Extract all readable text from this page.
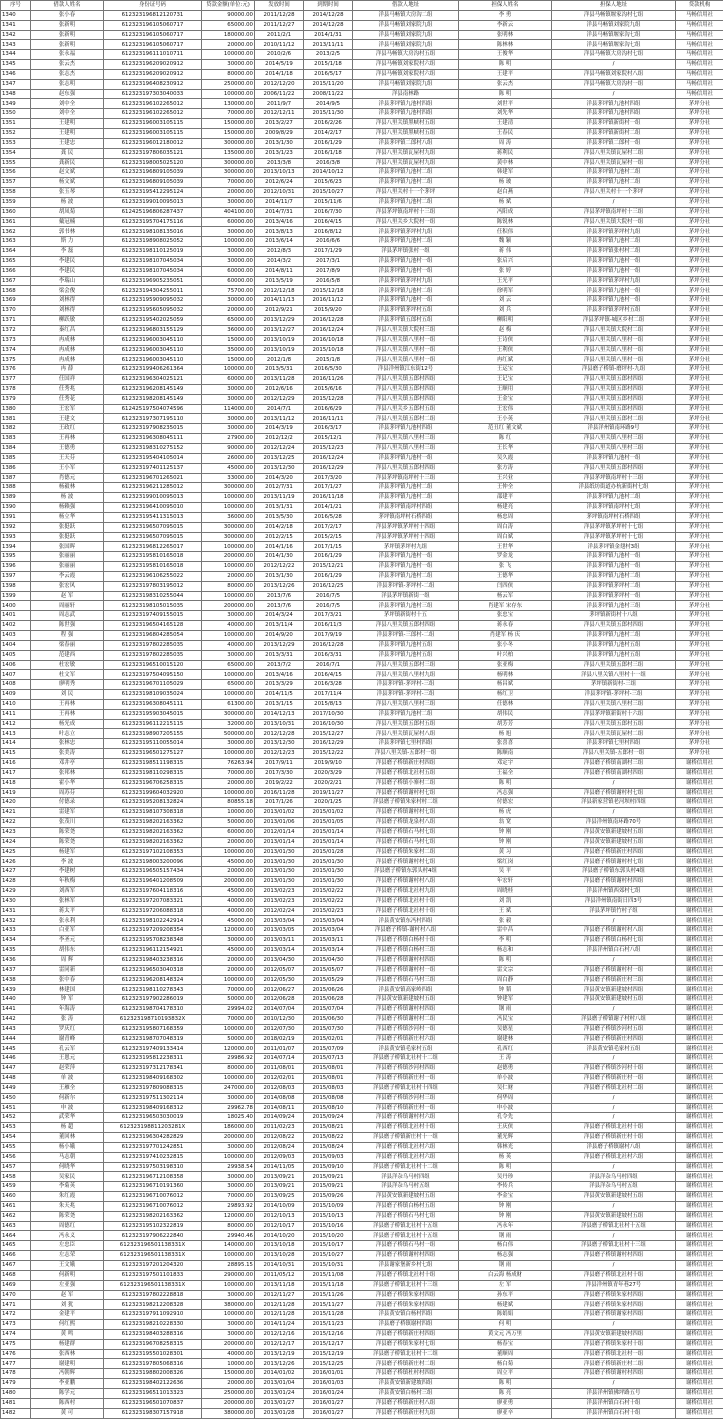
序号	借款人姓名	身份证号码	贷款金额(单位:元)	发放时间	到期时间	借款人地址	担保人姓名	担保人地址	贷款机构
1340	张小春	612323196812120731	90000.00	2011/12/28	2014/12/28	洋县马畅镇大房沟二组	李 勇	洋县马畅镇堰家沟村七组	马畅信用社
1341	张新明	612323196105060717	65000.00	2011/12/27	2014/12/28	洋县马畅镇刘家院九组	李新云	洋县马畅镇刘家院九组	马畅信用社
1342	张新明	612323196105060717	180000.00	2011/2/1	2014/1/31	洋县马畅镇刘家院九组	张明林	洋县马畅镇堰家沟七组	马畅信用社
1343	张新明	612323196105060717	20000.00	2010/11/12	2013/11/11	洋县马畅镇刘家院九组	陈林林	洋县马畅镇堰家沟七组	马畅信用社
1344	张永福	612323196111010711	100000.00	2010/2/6	2013/2/5	洋县马畅镇大房沟村五组	王俊华	洋县马畅镇大房沟村七组	马畅信用社
1345	张云杰	612323196209020912	30000.00	2014/5/19	2015/1/18	洋县马畅镇刘家院村六组	陈 明	/	马畅信用社
1346	张志杰	612323196209020912	80000.00	2014/1/18	2016/5/17	洋县马畅镇刘家院村六组	王建平	洋县马畅镇刘家院村八组	马畅信用社
1347	张志明	612323196408230912	250000.00	2012/12/20	2015/11/20	洋县马畅镇刘家院九组	张云杰	洋县马畅镇大房沟村一组	马畅信用社
1348	赵东强	612323197303040033	100000.00	2006/11/22	2008/11/22	洋县南林路	陈 明	/	马畅信用社
1349	刘中全	612323196102265012	130000.00	2011/9/7	2014/9/5	洋县茅坪镇九池村四组	刘世平	洋县茅坪镇九池村四组	茅坪分社
1350	刘中全	612323196102265012	70000.00	2012/12/11	2015/11/30	洋县茅坪镇九池村四组	刘先华	洋县茅坪镇九池村四组	茅坪分社
1351	王建明	612323196003105115	150000.00	2013/2/27	2016/2/26	洋县八里关镇黑峡村五组	王建清	洋县茅坪镇新街村一组	茅坪分社
1352	王建明	612323196003105115	150000.00	2009/8/29	2014/2/17	洋县八里关镇黑峡村五组	王春民	洋县茅坪镇新街村二组	茅坪分社
1353	王建忠	612323196012180012	300000.00	2013/1/30	2016/1/29	洋县茅坪镇二郎村八组	周 涛	洋县茅坪镇二郎村一组	茅坪分社
1354	龚 民	612323197806035121	135000.00	2013/1/23	2016/1/18	洋县八里关镇瓦屋村九组	蒋利民	洋县八里关镇瓦屋村二组	茅坪分社
1355	龚新民	612323198005025120	300000.00	2013/3/8	2016/3/8	洋县八里关镇瓦屋村九组	黄中林	洋县八里关镇瓦屋村一组	茅坪分社
1356	赵文斌	612323196809105039	300000.00	2013/10/13	2014/10/12	洋县茅坪镇九池村二组	韩建军	洋县茅坪镇九池村二组	茅坪分社
1357	杨文斌	612323196809105039	70000.00	2012/6/24	2015/6/23	洋县茅坪镇九池村二组	杨 玻	洋县茅坪镇九池村二组	茅坪分社
1358	张玉琴	612323195412295124	20000.00	2012/10/31	2015/10/27	洋县八里关村十一个茅坪	赵白燕	洋县八里关村十一个茅坪	茅坪分社
1359	杨 波	612323199010095013	30000.00	2014/11/7	2015/11/6	洋县茅坪镇九池村二组	杨 斌	/	茅坪分社
1360	胡凤菊	612425196806287437	404100.00	2014/7/31	2016/7/30	洋县茅坪镇南坪村十三组	冯阳成	洋县茅坪镇南坪村十三组	茅坪分社
1361	戴冠楠	612323195704175116	60000.00	2013/4/16	2016/4/15	洋县八里关乡大院村一组	陈锐林	洋县八里关镇大院村一组	茅坪分社
1362	郭书林	612323198108135016	30000.00	2013/8/13	2016/8/12	洋县茅坪镇茅坪村九组	任积伟	洋县茅坪镇茅坪村九组	茅坪分社
1363	斯 力	612323198908025052	100000.00	2013/6/14	2016/6/6	洋县茅坪镇九池村二组	魏 颖	洋县茅坪镇九池村二组	茅坪分社
1364	李 磊	612323198110125019	30000.00	2012/8/3	2017/1/29	洋县茅坪镇张村一组	蒋 伟	洋县茅坪镇张村村二组	茅坪分社
1365	李建民	612323198107045034	30000.00	2014/3/2	2017/3/1	洋县茅坪镇九池村一组	张启兴	洋县茅坪镇九池村一组	茅坪分社
1366	李建民	612323198107045034	60000.00	2014/8/11	2017/8/9	洋县茅坪镇九池村一组	张 婷	洋县茅坪镇九池村一组	茅坪分社
1367	李瑞山	612323196905235051	60000.00	2013/5/19	2016/5/8	洋县茅坪镇茅坪村九组	王光平	洋县茅坪镇茅坪村九组	茅坪分社
1368	梁会俊	612323194304255011	75700.00	2012/12/18	2015/12/18	洋县茅坪镇九池村二组	徐明军	洋县茅坪镇九池村一组	茅坪分社
1369	刘林得	612323195909095032	30000.00	2014/11/13	2016/11/12	洋县茅坪镇九池村一组	刘 云	洋县茅坪镇九池村一组	茅坪分社
1370	刘林得	612323195605095032	20000.00	2012/9/21	2015/9/20	洋县茅坪镇茅坪村五组	刘 兵	洋县茅坪镇茅坪村五组	茅坪分社
1371	柳跃敏	612323195402025059	65000.00	2013/12/29	2016/12/28	洋县茅坪镇五郎村五组	柳阳明	洋县茅坪镇-城区乡村二组	茅坪分社
1372	秦红昌	612323196803155129	36000.00	2013/12/27	2016/12/24	洋县八里关镇大院村三组	赵 梅	洋县八里关镇大院村二组	茅坪分社
1373	冉成林	612323196003045110	15000.00	2013/10/19	2016/10/18	洋县八里关镇八里村一组	王诗侠	洋县八里关镇八里村一组	茅坪分社
1374	冉成林	612323196003045110	35000.00	2013/10/19	2015/10/18	洋县八里关镇八里村一组	王利侠	洋县八里关镇八里村一组	茅坪分社
1375	冉成林	612323196003045110	15000.00	2012/1/8	2015/1/8	洋县八里关镇八里村一组	冉红斌	洋县八里关镇八里村一组	茅坪分社
1376	冉 薛	612323199406261364	100000.00	2013/5/31	2016/5/30	洋县洋州镇江东街12号	王运宝	洋县磨子桥镇-磨坪村-九组	茅坪分社
1377	任国祥	612323196304025121	60000.00	2013/11/28	2016/11/26	洋县八里关镇五郎村四组	王记宝	洋县八里关镇五郎村四组	茅坪分社
1378	任秀兆	612323196208145149	30000.00	2012/6/16	2015/6/16	洋县八里关镇五郎村四组	王顺用	洋县八里关镇五郎村四组	茅坪分社
1379	任秀花	612323198208145149	30000.00	2012/12/29	2015/12/28	洋县八里关镇五郎村四组	王金宝	洋县八里关镇五郎村四组	茅坪分社
1380	王宏军	612425197504074596	114000.00	2014/7/1	2016/6/29	洋县八里关乡五郎村五组	王宏伟	洋县八里关镇五郎村四组	茅坪分社
1381	王建文	612323197307195110	30000.00	2013/11/12	2016/11/11	洋县八里关镇五郎村二组	王小英	洋县八里关镇五郎村二组	茅坪分社
1382	王政红	612323197908235015	30000.00	2014/3/19	2016/3/17	洋县茅坪镇九池村四组	范丑红 董文斌	洋县洋州镇南环路9号	茅坪分社
1383	王再林	612323196308045111	27900.00	2012/12/2	2015/12/1	洋县八里关镇八里村三组	陈 红	洋县八里关镇八里村三组	茅坪分社
1384	王德勇	612323198310275152	90000.00	2012/12/24	2015/12/23	洋县八里关镇八里村三组	王长华	洋县八里关镇八里村三组	茅坪分社
1385	王天芬	612323195404105014	26000.00	2013/12/25	2016/12/24	洋县茅坪镇九池村一组	吴久霞	洋县茅坪镇九池村一组	茅坪分社
1386	王小军	612323197401125137	45000.00	2013/12/30	2016/12/29	洋县八里关镇五郎村四组	张方涛	洋县八里关镇五郎村四组	茅坪分社
1387	肖德元	612323196701265021	33000.00	2014/3/20	2017/3/20	洋县茅坪镇南坪村十三组	王兴业	洋县茅坪镇南坪村十三组	茅坪分社
1388	杨毅林	612323196211285012	300000.00	2012/7/31	2017/1/27	洋县茅坪镇九池村二组	王仲全	洋县纸坊街道办杭新街村七组	茅坪分社
1389	杨 波	612323199010095013	100000.00	2013/11/19	2016/11/18	洋县茅坪镇九池村二组	邵建平	洋县茅坪镇九池村二组	茅坪分社
1390	杨赖强	612323196410095010	100000.00	2013/1/31	2014/1/21	洋县茅坪镇南坪村四组	杨建亮	洋县茅坪镇南坪村七组	茅坪分社
1391	杨立华	612323195411315013	36000.00	2013/5/30	2016/5/28	茅坪镇南坪村石桥四组	杨忠周	茅坪镇南坪村石桥四组	茅坪分社
1392	张挺跃	612323196507095015	300000.00	2014/2/18	2017/2/17	洋县茅坪镇茅坪村十四组	周白涛	洋县茅坪镇茅坪村十七组	茅坪分社
1393	张挺跃	612323196507095015	300000.00	2012/2/15	2015/2/15	洋县茅坪镇茅坪村十四组	周白斌	洋县茅坪镇茅坪村十七组	茅坪分社
1394	张国晖	612323196812265017	100000.00	2014/1/16	2017/1/15	茅坪镇茅坪村九组	王世华	洋县茅坪镇金翅村3组	茅坪分社
1395	张丽丽	612323195810165018	200000.00	2014/1/30	2016/1/29	洋县茅坪镇九池村一组	罗金龙	洋县茅坪镇九池村一组	茅坪分社
1396	张丽丽	612323195810165018	100000.00	2012/12/22	2015/12/21	洋县茅坪镇九池村一组	张 飞	洋县茅坪镇九池村一组	茅坪分社
1397	李云霞	612323196106255022	20000.00	2013/1/30	2016/1/29	洋县茅坪镇九池村二组	王德华	洋县茅坪镇九池村二组	茅坪分社
1398	张宏风	612323197803195012	80000.00	2013/12/26	2016/12/25	洋县茅坪镇-茅坪村-二组	闫四侠	洋县茅坪镇茅坪村二组	茅坪分社
1399	赵 军	612323198310255044	100000.00	2013/7/6	2016/7/5	洋县茅坪镇新街一组	杨云军	洋县茅坪镇茅坪村一组	茅坪分社
1400	周丽轩	612323198105015035	200000.00	2013/7/6	2016/7/5	洋县茅坪镇九池村三组	肖建军 宋存东	洋县茅坪镇九池村三组	茅坪分社
1401	周志武	612323197409155015	30000.00	2014/3/24	2017/3/21	茅坪镇新街村十五	张忠宝	茅坪镇新街村十八组	茅坪分社
1402	陈世强	612323196504165128	40000.00	2013/11/4	2016/11/3	洋县八里关镇五郎村四组	蒋永春	洋县八里关镇五郎村四组	茅坪分社
1403	程 强	612323196804285054	100000.00	2014/9/20	2017/9/19	洋县茅坪镇-三郎村-二组	肖建军 杨 庆	洋县茅坪镇九池村二组	茅坪分社
1404	梁春丽	612323197802285035	40000.00	2013/12/29	2016/12/28	洋县茅坪镇九池村五组	张小冬	洋县茅坪镇九池村五组	茅坪分社
1405	范建西	612323197802285035	30000.00	2013/3/31	2016/3/31	洋县茅坪镇九池村五组	叶兴柏	洋县茅坪镇九池村五组	茅坪分社
1406	杜宏敏	612323196510015120	65000.00	2013/7/2	2016/7/1	洋县八里关镇五郎村三组	张亚梅	洋县八里关镇五郎村三组	茅坪分社
1407	杜文军	612323197504095150	100000.00	2013/4/16	2016/4/15	洋县八里关镇八里村九组	杨明林	洋县八里关镇八里村十一组	茅坪分社
1408	廖明秀	612323196701105029	65000.00	2013/3/29	2016/3/28	洋县茅坪镇-茅坪村-三组	杨昌斌	茅坪镇新街村-三组	茅坪分社
1409	刘 民	612323198109035024	100000.00	2014/11/5	2017/11/4	洋县茅坪镇-茅坪村-三组	杨红卫	洋县茅坪镇-茅坪村-三组	茅坪分社
1410	王再林	612323196308045111	61300.00	2013/1/15	2015/8/13	洋县八里关镇八里村三组	任德林	洋县八里关镇八里村三组	茅坪分社
1411	王再林	612323195903045015	300000.00	2014/12/13	2017/10/30	洋县茅坪镇九池村二组	胡伟民	洋县茅坪镇新街村十六组	茅坪分社
1412	杨光成	612323196112215115	32000.00	2013/10/31	2016/10/30	洋县八里关镇五郎村五组	胡芳芳	洋县八里关镇五郎村五组	茅坪分社
1413	叶志立	612323198907205155	500000.00	2012/12/28	2015/12/27	洋县八里关镇瓦屋村八组	杨 旭	洋县八里关镇瓦屋村二组	茅坪分社
1414	张林忠	612323195110055014	30000.00	2013/12/30	2016/12/29	洋县茅坪镇七里村四组	张喜喜	洋县茅坪镇七里村四组	茅坪分社
1415	张美涛	612323196501275127	100000.00	2012/12/23	2015/12/22	洋县八里关镇-五郎村一组	陈顺南	洋县八里关镇-五郎村一组	茅坪分社
1416	邓井亭	612323198511198315	76263.94	2017/9/11	2019/9/10	洋县磨子桥镇新庄村四组	邓定宇	洋县磨子桥镇南湖村三组	谢桥信用社
1417	张邦林	612323198110298315	70000.00	2017/3/30	2020/3/29	洋县磨子桥镇北社村五组	王福全	洋县磨子桥镇南湖村四组	谢桥信用社
1418	霍小华	612323196706258315	20000.00	2019/2/22	2020/2/21	洋县磨子桥镇小寨村二组	陈 明	/	谢桥信用社
1419	周苏芬	612323199604032920	100000.00	2016/11/28	2019/11/27	洋县磨子桥镇谢村村七组	冯志强	洋县磨子桥镇谢村村七组	谢桥信用社
1420	付德录	612323195208132824	80855.18	2017/1/26	2020/1/25	洋县磨子桥镇朱家村村二组	付德宏	洋县新家营镇老河坝村四组	谢桥信用社
1421	雷建军	612323198107308318	10000.00	2013/01/02	2015/01/02	洋县磨子桥镇谢村村七组	杨 虎	/	谢桥信用社
1422	张茂川	612323198202163362	50000.00	2013/01/06	2015/01/05	洋县磨子桥镇龙泉村八组	翁 宽	洋县洋州镇南环路70号	谢桥信用社
1423	陈荣尧	612323198202163362	60000.00	2012/01/14	2015/01/14	洋县磨子桥镇石马村七组	钟 刚	洋县黄安镇新建坡村五组	谢桥信用社
1424	陈荣尧	612323198202163362	20000.00	2013/01/14	2015/01/14	洋县磨子桥镇石马村七组	钟 刚	洋县黄安镇新建坡村五组	谢桥信用社
1425	杨建军	612323197102108353	100000.00	2013/01/30	2015/01/28	洋县磨子桥镇朱家村二组	黄 习	洋县磨子桥镇新庄村四组	谢桥信用社
1426	李 波	612323198003200096	45000.00	2013/01/30	2015/01/30	洋县磨子桥镇谢村村七组	梁红岗	洋县磨子桥镇谢村村七组	谢桥信用社
1427	李建树	612323196505157434	20000.00	2013/01/30	2015/01/30	洋县磨子桥镇东郭头村4组	吴 平	洋县磨子桥镇东郭头村4组	谢桥信用社
1428	年秋梅	612323196401208509	200000.00	2013/01/30	2015/01/30	洋县磨子桥镇谢村村八组	年宏轩	洋县磨子桥镇谢村村四组	谢桥信用社
1429	刘西军	612323197604118316	45000.00	2013/02/23	2015/02/22	洋县磨子桥镇北社村九组	周晓桂	洋县洋州镇西郊村七组	谢桥信用社
1430	张林军	612323197207083321	40000.00	2013/02/23	2015/02/22	洋县磨子桥镇北社村十组	刘 凯	洋县洋州镇南街日四3号	谢桥信用社
1431	蒋太平	612323197206088318	40000.00	2012/02/24	2015/02/23	洋县磨子桥镇北社村十组	王 斌	洋县茅坪镇竹村子组	谢桥信用社
1432	张永利	612323198102242914	45000.00	2013/03/04	2015/03/04	洋县黄安镇东冯村四组	张 毅	/	谢桥信用社
1433	白亚军	612323197209208354	120000.00	2013/03/05	2015/03/04	洋县磨子桥镇-谢村村八组	雷中昌	洋县磨子桥镇谢村村八组	谢桥信用社
1434	李圣元	612323195708238348	30000.00	2013/03/11	2015/03/11	洋县磨子桥镇白杨村十组	李 明	洋县磨子桥镇白杨村七组	谢桥信用社
1435	胡伟东	612323196112154921	45000.00	2013/03/14	2015/03/14	洋县磨子桥镇白杨村三组	杨志和	洋县洋州镇白石村八组	谢桥信用社
1436	周 辉	612323198403238316	20000.00	2013/04/30	2015/04/30	洋县磨子桥镇谢村村四组	陈 明	/	谢桥信用社
1437	雷同新	612323196503040318	20000.00	2012/05/07	2015/05/07	洋县磨子桥镇谢村村一组	雷文宗	洋县磨子桥镇谢村村一组	谢桥信用社
1438	张中春	612323196208148324	100000.00	2012/05/30	2015/05/29	洋县磨子桥镇石马村三组	周白静	洋县磨子桥镇新庄村三组	谢桥信用社
1439	林建国	612323198110278343	70000.00	2012/06/27	2015/06/26	洋县黄安镇高家岭四组	钟 韬	洋县黄安镇新建坡村四组	谢桥信用社
1440	钟 军	612323197902286019	50000.00	2012/06/28	2015/06/28	洋县黄安镇新建坡村五组	钟建军	洋县黄安镇新建坡村五组	谢桥信用社
1441	年海涛	612323198704178310	29994.02	2014/07/04	2015/07/04	洋县磨子桥镇谢村村四组	钢 雨	/	谢桥信用社
1442	张 涛	612323198710193832X	70000.00	2010/12/30	2015/06/30	洋县磨子桥镇谢村村二组	冯民宝	洋县磨子桥镇谢子村村八组	谢桥信用社
1443	罗庆红	612323195807168359	100000.00	2012/07/30	2015/07/30	洋县磨子桥镇沙河村一组	吴德星	洋县磨子桥镇沙河村五组	谢桥信用社
1444	谢青峰	612323198707048319	50000.00	2018/02/19	2015/02/01	洋县磨子桥镇新庄村六组	谢建林	洋县磨子桥镇新庄村四组	谢桥信用社
1445	孔云军	612323197409133414	120000.00	2011/01/07	2015/07/09	洋县黄安镇毛家村五组	孔西红	洋县黄安镇毛家村五组	谢桥信用社
1446	王恩元	612323195812238311	29986.92	2014/07/14	2015/07/13	洋县磨子桥镇北社村十二组	王 涛	/	谢桥信用社
1447	赵荣萍	612323197312178341	80000.00	2011/08/01	2015/08/01	洋县磨子桥镇沙河村四组	赵德勇	洋县磨子桥镇沙河村十组	谢桥信用社
1448	单 波	612323198409168302	100000.00	2012/02/01	2015/08/01	洋县磨子桥镇新庄村一组	单小波	洋县磨子桥镇新庄村一组	谢桥信用社
1449	王雁全	612323197809088315	247000.00	2012/08/03	2015/08/03	洋县磨子桥镇北社村十四组	吴仁财	洋县磨子桥镇北社村二组	谢桥信用社
1450	何新尔	612323197511302114	30000.00	2014/08/08	2015/08/08	洋县磨子桥镇沙河村三组	何华周	/	谢桥信用社
1451	申 波	612323198409168312	29962.78	2014/08/11	2015/08/10	洋县磨子桥镇新庄村一组	申小波	/	谢桥信用社
1452	武荣华	612323196503030019	18025.40	2014/09/24	2015/09/24	洋县磨子桥镇谢村村六组	孔令先	/	谢桥信用社
1453	杨 超	612323198811203281X	186000.00	2011/02/23	2015/08/21	洋县磨子桥镇北社村十组	王庆侠	洋县磨子桥镇北社村十组	谢桥信用社
1454	董回林	612323196304282829	200000.00	2012/08/22	2015/08/22	洋县磨子桥镇新庄村十一组	董光辉	洋县磨子桥镇新庄村十组	谢桥信用社
1455	杨小娥	612323197701242851	30000.00	2012/08/24	2015/08/24	洋县磨子桥镇北社村六组	韩林光	洋县磨子桥镇谢村八组	谢桥信用社
1456	马志朝	612323197410232815	100000.00	2012/09/03	2015/09/03	洋县磨子桥镇北社村六组	杨 英	洋县磨子桥镇北社村六组	谢桥信用社
1457	何晓华	612323197503198310	29938.54	2014/11/05	2015/09/10	洋县磨子桥镇北社村十二组	陈 明	/	谢桥信用社
1458	吴家民	612323196712108358	30000.00	2013/09/21	2015/09/21	洋县洋杂乌马村四组	吴丹珍	洋县洋杂乌马村四组	谢桥信用社
1459	李菊英	612323196710191360	30000.00	2013/09/21	2015/09/21	洋县洋杂乌马村五组	李传兵	洋县洋杂乌马村五组	谢桥信用社
1460	朱红霞	612323196710076012	70000.00	2013/09/25	2015/09/26	洋县黄安镇新建坡村五组	李金宝	洋县黄安镇新建坡村五组	谢桥信用社
1461	朱天兆	612323196710076012	29893.92	2014/10/09	2015/10/09	洋县磨子桥镇白杨村五组	钟 刚	/	谢桥信用社
1462	陈荣尧	612323198202163362	120000.00	2012/10/13	2015/10/13	洋县磨子桥镇石马村七组	钟 刚	洋县黄安镇新建坡村五组	谢桥信用社
1463	周德红	612323195102322819	80000.00	2012/10/17	2015/10/16	洋县磨子桥镇北社村十五组	冯永年	洋县磨子桥镇北社村十五组	谢桥信用社
1464	冯永义	612323197906222840	29940.46	2014/10/20	2015/10/20	洋县磨子桥镇北社村十五组	钢 雨	/	谢桥信用社
1465	左忠臣	612323196501138331X	140000.00	2013/10/18	2015/10/17	洋县磨子桥镇石马村一组	杨白伟	洋县磨子桥镇北社村十三组	谢桥信用社
1466	左志荣	612323196501138331X	100000.00	2013/10/28	2015/10/27	洋县磨子桥镇谢村村四组	杨志强	洋县磨子桥镇谢村村四组	谢桥信用社
1467	王文娥	612323197201204320	28895.15	2014/10/31	2015/10/31	洋县谢家堡新乡村七组	钢 雨	/	谢桥信用社
1468	何新明	612323197501101833	290000.00	2011/05/12	2015/11/08	洋县磨子桥镇北社村十组	白云海 杨成财	洋县磨子桥镇北社村十组	谢桥信用社
1469	左亚强	612323196501138331X	100000.00	2013/11/18	2015/11/18	洋县磨子桥镇北社村十三组	左 军	洋县洋州镇青年巷27号	谢桥信用社
1470	赵 军	612323197802228818	30000.00	2012/11/27	2015/11/26	洋县磨子桥镇朱家村四组	孙东平	洋县磨子桥镇朱家村四组	谢桥信用社
1471	刘 犹	612323198212208328	380000.00	2012/11/28	2015/11/27	洋县磨子桥镇朱家村四组	杨建斌	洋县磨子桥镇朱家村四组	谢桥信用社
1472	金建平	612323197911092910	100000.00	2012/11/28	2015/11/28	洋县黄安镇白杨村四组	陈娟娟	洋县磨子桥镇谢家村四组	谢桥信用社
1473	何红熙	612323198210228330	30000.00	2014/11/24	2015/11/23	洋县磨子桥镇谢村四组	何 明	/	谢桥信用社
1474	黄 鸣	612323198403288316	30000.00	2012/12/16	2015/12/16	洋县磨子桥镇新庄村四组	黄文元 冯万里	洋县黄安镇新建坡村四组	谢桥信用社
1475	杨建群	612323196708258315	200000.00	2012/12/17	2015/12/17	洋县磨子桥镇朱家村七组	杨春宝	洋县磨子桥镇朱家村十组	谢桥信用社
1476	张西林	612323195501028301	40000.00	2013/12/19	2015/12/19	洋县磨子桥镇北社村十二组	董顺周	洋县磨子桥镇北社村一组	谢桥信用社
1477	谢建明	612323197805068316	10000.00	2013/12/26	2015/12/25	洋县磨子桥镇新庄村二组	杨白菊	洋县磨子桥镇新庄村二组	谢桥信用社
1478	冯朝辉	612323198802008326	150000.00	2014/01/02	2016/01/01	洋县磨子桥镇杜村村四组	周立平	洋县磨子桥镇谢村村四组	谢桥信用社
1479	李亚鹏	612323198402122636	20000.00	2013/01/04	2016/01/03	洋县黄安镇新建坡四组	陈 明	/	谢桥信用社
1480	陈学元	612323196511013323	250000.00	2013/01/24	2016/01/24	洋县黄安镇白杨村三组	陈 亮	洋县洋州镇佛坪路五号	谢桥信用社
1481	陈西村	612323196501070837	200000.00	2013/01/27	2016/01/27	洋县磨子桥镇新庄村八组	廖亚勇	洋县洋州镇白石村十组	谢桥信用社
1482	黄 可	612323198307157918	380000.00	2013/01/28	2016/01/27	洋县磨子桥镇新庄村九组	廖亚辛	洋县洋州镇白石村十组	谢桥信用社
